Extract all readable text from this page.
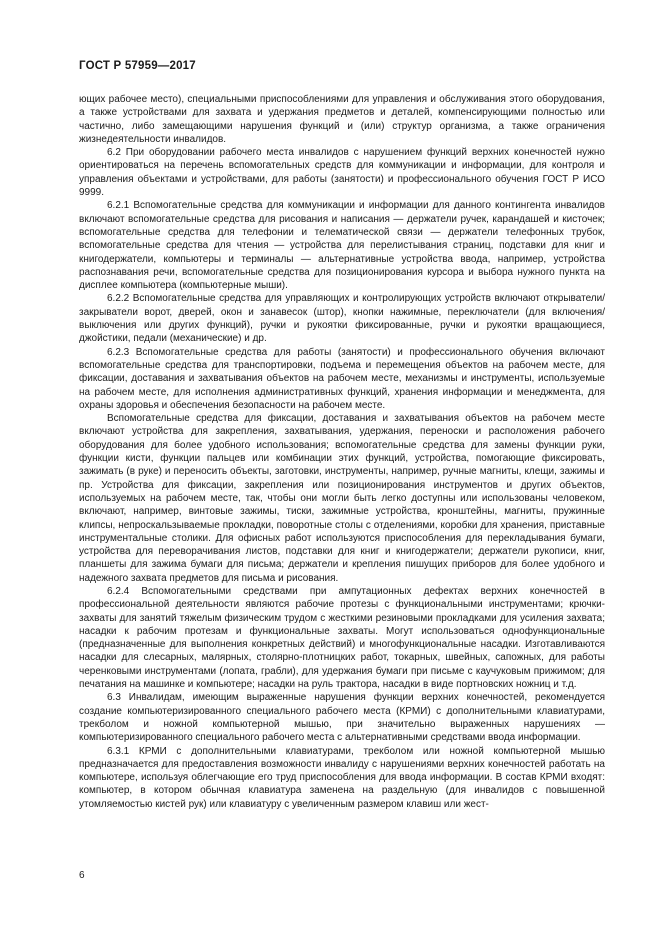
ГОСТ Р 57959—2017

ющих рабочее место), специальными приспособлениями для управления и обслуживания этого оборудования, а также устройствами для захвата и удержания предметов и деталей, компенсирующими полностью или частично, либо замещающими нарушения функций и (или) структур организма, а также ограничения жизнедеятельности инвалидов.

6.2 При оборудовании рабочего места инвалидов с нарушением функций верхних конечностей нужно ориентироваться на перечень вспомогательных средств для коммуникации и информации, для контроля и управления объектами и устройствами, для работы (занятости) и профессионального обучения ГОСТ Р ИСО 9999.

6.2.1 Вспомогательные средства для коммуникации и информации для данного контингента инвалидов включают вспомогательные средства для рисования и написания — держатели ручек, карандашей и кисточек; вспомогательные средства для телефонии и телематической связи — держатели телефонных трубок, вспомогательные средства для чтения — устройства для перелистывания страниц, подставки для книг и книгодержатели, компьютеры и терминалы — альтернативные устройства ввода, например, устройства распознавания речи, вспомогательные средства для позиционирования курсора и выбора нужного пункта на дисплее компьютера (компьютерные мыши).

6.2.2 Вспомогательные средства для управляющих и контролирующих устройств включают открыватели/закрыватели ворот, дверей, окон и занавесок (штор), кнопки нажимные, переключатели (для включения/выключения или других функций), ручки и рукоятки фиксированные, ручки и рукоятки вращающиеся, джойстики, педали (механические) и др.

6.2.3 Вспомогательные средства для работы (занятости) и профессионального обучения включают вспомогательные средства для транспортировки, подъема и перемещения объектов на рабочем месте, для фиксации, доставания и захватывания объектов на рабочем месте, механизмы и инструменты, используемые на рабочем месте, для исполнения административных функций, хранения информации и менеджмента, для охраны здоровья и обеспечения безопасности на рабочем месте.

Вспомогательные средства для фиксации, доставания и захватывания объектов на рабочем месте включают устройства для закрепления, захватывания, удержания, переноски и расположения рабочего оборудования для более удобного использования; вспомогательные средства для замены функции руки, функции кисти, функции пальцев или комбинации этих функций, устройства, помогающие фиксировать, зажимать (в руке) и переносить объекты, заготовки, инструменты, например, ручные магниты, клещи, зажимы и пр. Устройства для фиксации, закрепления или позиционирования инструментов и других объектов, используемых на рабочем месте, так, чтобы они могли быть легко доступны или использованы человеком, включают, например, винтовые зажимы, тиски, зажимные устройства, кронштейны, магниты, пружинные клипсы, непроскальзываемые прокладки, поворотные столы с отделениями, коробки для хранения, приставные инструментальные столики. Для офисных работ используются приспособления для перекладывания бумаги, устройства для переворачивания листов, подставки для книг и книгодержатели; держатели рукописи, книг, планшеты для зажима бумаги для письма; держатели и крепления пишущих приборов для более удобного и надежного захвата предметов для письма и рисования.

6.2.4 Вспомогательными средствами при ампутационных дефектах верхних конечностей в профессиональной деятельности являются рабочие протезы с функциональными инструментами; крючки-захваты для занятий тяжелым физическим трудом с жесткими резиновыми прокладками для усиления захвата; насадки к рабочим протезам и функциональные захваты. Могут использоваться однофункциональные (предназначенные для выполнения конкретных действий) и многофункциональные насадки. Изготавливаются насадки для слесарных, малярных, столярно-плотницких работ, токарных, швейных, сапожных, для работы черенковыми инструментами (лопата, грабли), для удержания бумаги при письме с каучуковым прижимом; для печатания на машинке и компьютере; насадки на руль трактора, насадки в виде портновских ножниц и т.д.

6.3 Инвалидам, имеющим выраженные нарушения функции верхних конечностей, рекомендуется создание компьютеризированного специального рабочего места (КРМИ) с дополнительными клавиатурами, трекболом и ножной компьютерной мышью, при значительно выраженных нарушениях — компьютеризированного специального рабочего места с альтернативными средствами ввода информации.

6.3.1 КРМИ с дополнительными клавиатурами, трекболом или ножной компьютерной мышью предназначается для предоставления возможности инвалиду с нарушениями верхних конечностей работать на компьютере, используя облегчающие его труд приспособления для ввода информации. В состав КРМИ входят: компьютер, в котором обычная клавиатура заменена на раздельную (для инвалидов с повышенной утомляемостью кистей рук) или клавиатуру с увеличенным размером клавиш или жест-

6
